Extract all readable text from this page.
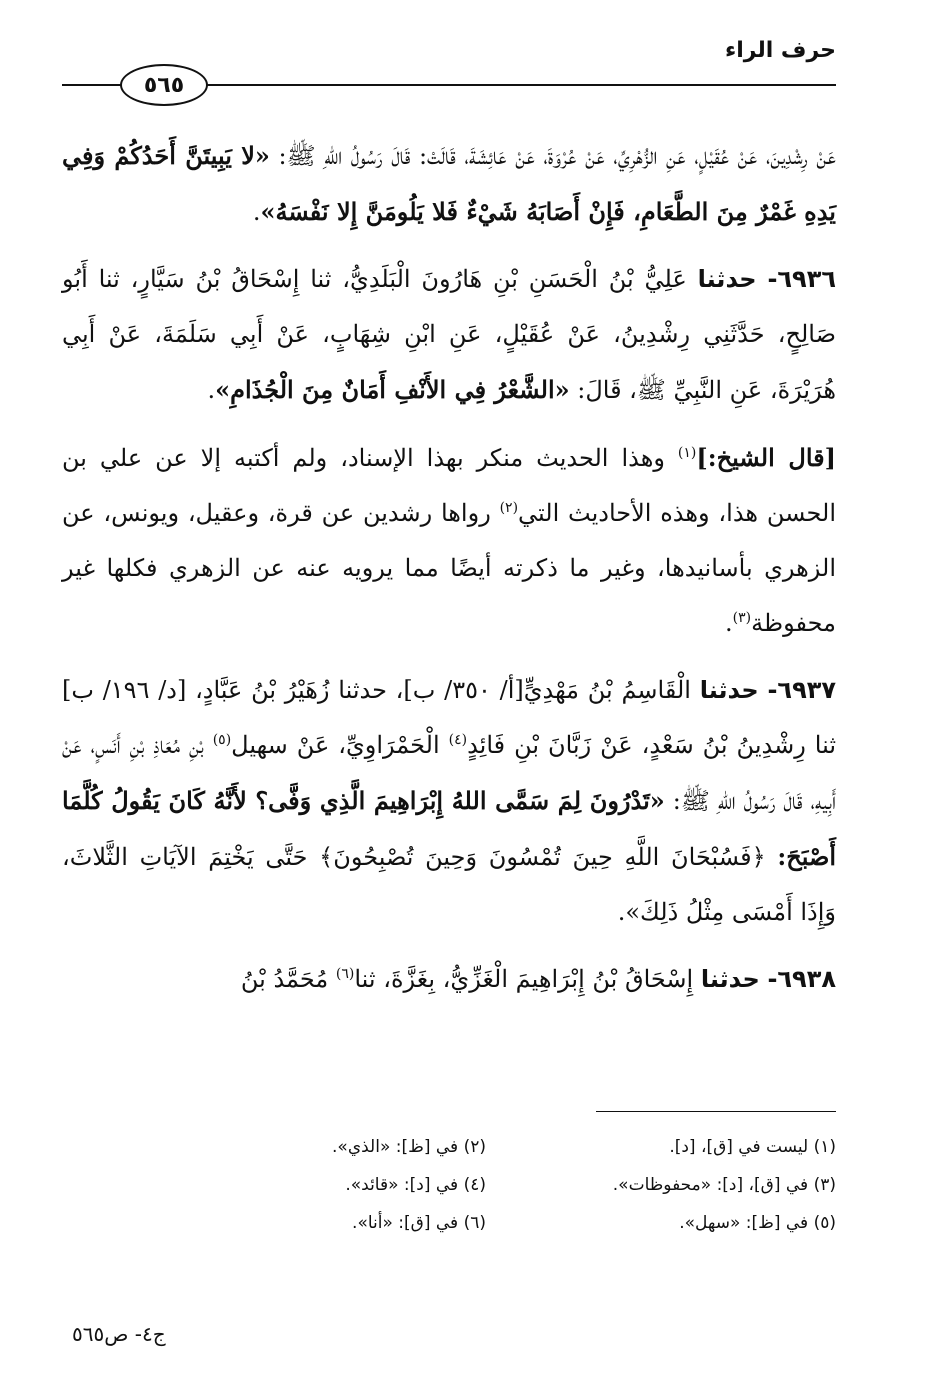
حرف الراء
٥٦٥

عَنْ رِشْدِينَ، عَنْ عُقَيْلٍ، عَنِ الزُّهْرِيِّ، عَنْ عُرْوَةَ، عَنْ عَائِشَةَ، قَالَتْ: قَالَ رَسُولُ اللهِ ﷺ: «لا يَبِيتَنَّ أَحَدُكُمْ وَفِي يَدِهِ غَمْرٌ مِنَ الطَّعَامِ، فَإِنْ أَصَابَهُ شَيْءٌ فَلا يَلُومَنَّ إِلا نَفْسَهُ».

٦٩٣٦- حدثنا عَلِيُّ بْنُ الْحَسَنِ بْنِ هَارُونَ الْبَلَدِيُّ، ثنا إِسْحَاقُ بْنُ سَيَّارٍ، ثنا أَبُو صَالِحٍ، حَدَّثَنِي رِشْدِينُ، عَنْ عُقَيْلٍ، عَنِ ابْنِ شِهَابٍ، عَنْ أَبِي سَلَمَةَ، عَنْ أَبِي هُرَيْرَةَ، عَنِ النَّبِيِّ ﷺ، قَالَ: «الشَّعْرُ فِي الأَنْفِ أَمَانٌ مِنَ الْجُذَامِ».

[قال الشيخ:]$^{(١)}$ وهذا الحديث منكر بهذا الإسناد، ولم أكتبه إلا عن علي بن الحسن هذا، وهذه الأحاديث التي$^{(٢)}$ رواها رشدين عن قرة، وعقيل، ويونس، عن الزهري بأسانيدها، وغير ما ذكرته أيضًا مما يرويه عنه عن الزهري فكلها غير محفوظة$^{(٣)}$.

٦٩٣٧- حدثنا الْقَاسِمُ بْنُ مَهْدِيٍّ[أ/ ٣٥٠/ ب]، حدثنا زُهَيْرُ بْنُ عَبَّادٍ، [د/ ١٩٦/ ب] ثنا رِشْدِينُ بْنُ سَعْدٍ، عَنْ زَبَّانَ بْنِ فَائِدٍ$^{(٤)}$ الْحَمْرَاوِيِّ، عَنْ سهيل$^{(٥)}$ بْنِ مُعَاذِ بْنِ أَنَسٍ، عَنْ أَبِيهِ، قَالَ رَسُولُ اللهِ ﷺ: «تَدْرُونَ لِمَ سَمَّى اللهُ إِبْرَاهِيمَ الَّذِي وَفَّى؟ لأَنَّهُ كَانَ يَقُولُ كُلَّمَا أَصْبَحَ: ﴿فَسُبْحَانَ اللَّهِ حِينَ تُمْسُونَ وَحِينَ تُصْبِحُونَ﴾ حَتَّى يَخْتِمَ الآيَاتِ الثَّلاثَ، وَإِذَا أَمْسَى مِثْلُ ذَلِكَ».

٦٩٣٨- حدثنا إِسْحَاقُ بْنُ إِبْرَاهِيمَ الْغَزِّيُّ، بِغَزَّةَ، ثنا$^{(٦)}$ مُحَمَّدُ بْنُ

(١) ليست في [ق]، [د].
(٢) في [ظ]: «الذي».
(٣) في [ق]، [د]: «محفوظات».
(٤) في [د]: «قائد».
(٥) في [ظ]: «سهل».
(٦) في [ق]: «أنا».
ج٤- ص٥٦٥
